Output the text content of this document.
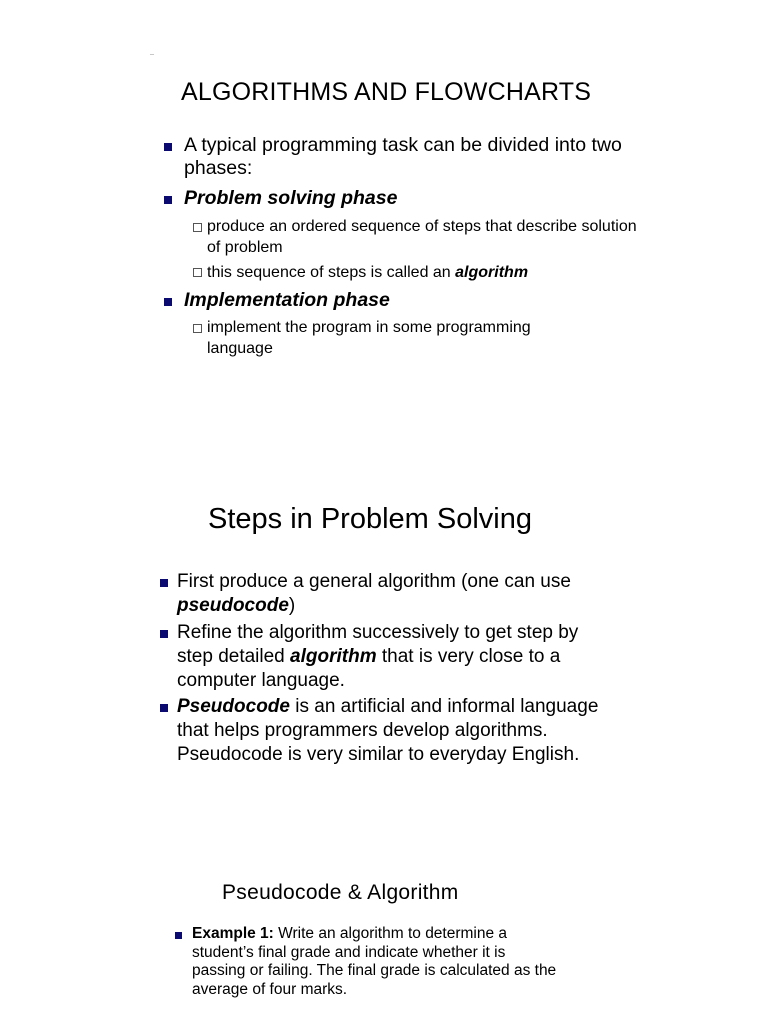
ALGORITHMS AND FLOWCHARTS
A typical programming task can be divided into two phases:
Problem solving phase
produce an ordered sequence of steps that describe solution of problem
this sequence of steps is called an algorithm
Implementation phase
implement the program in some programming language
Steps in Problem Solving
First produce a general algorithm (one can use pseudocode)
Refine the algorithm successively to get step by step detailed algorithm that is very close to a computer language.
Pseudocode is an artificial and informal language that helps programmers develop algorithms. Pseudocode is very similar to everyday English.
Pseudocode & Algorithm
Example 1: Write an algorithm to determine a student’s final grade and indicate whether it is passing or failing. The final grade is calculated as the average of four marks.
